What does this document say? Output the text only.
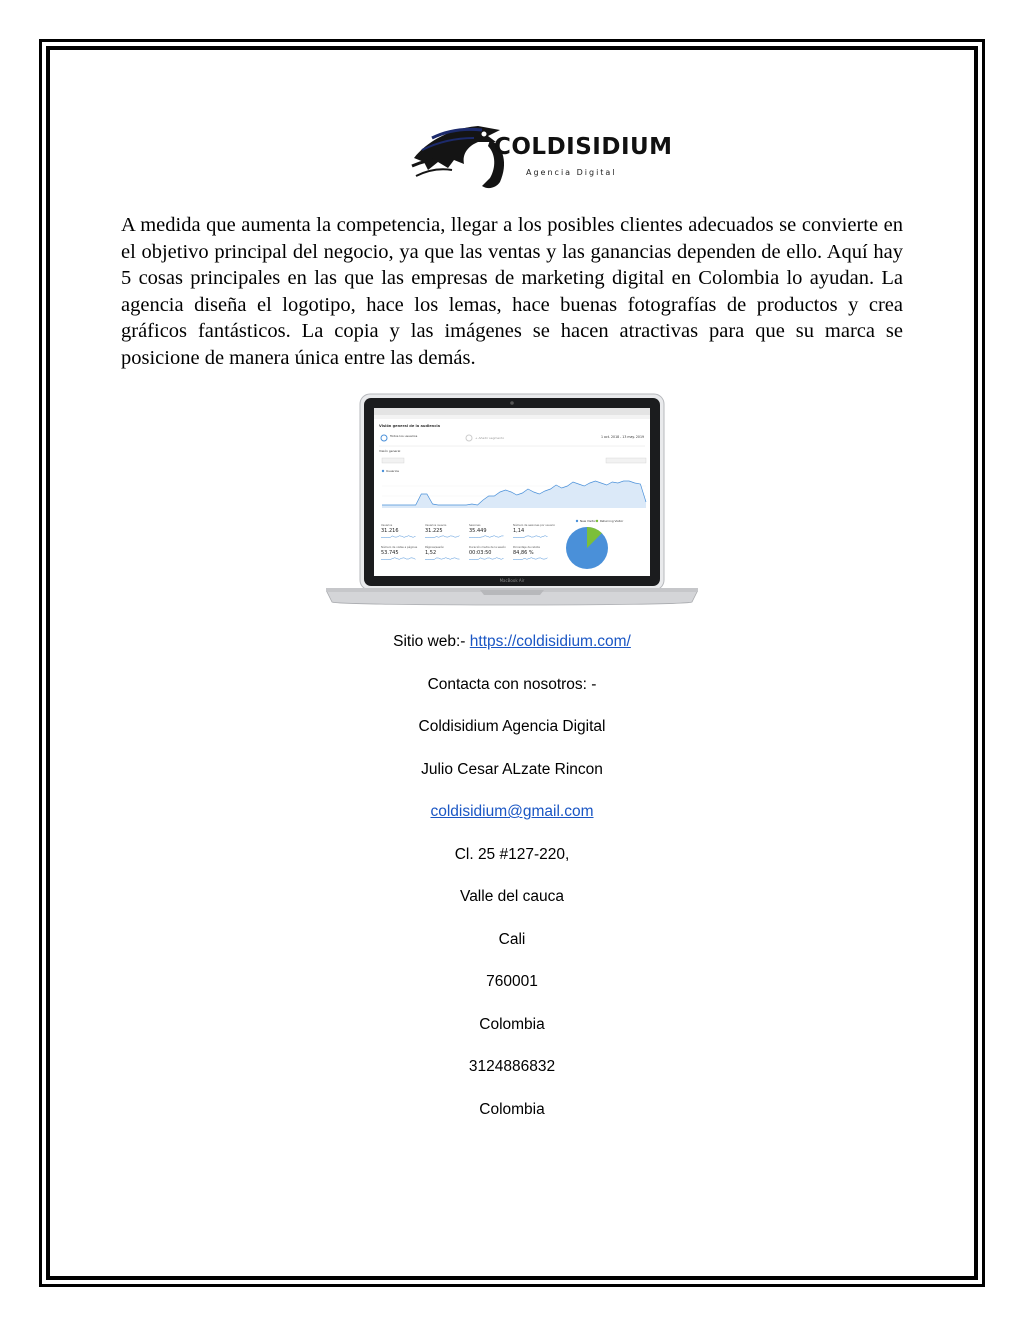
COLDISIDIUM
Agencia Digital

A medida que aumenta la competencia, llegar a los posibles clientes adecuados se convierte en el objetivo principal del negocio, ya que las ventas y las ganancias dependen de ello. Aquí hay 5 cosas principales en las que las empresas de marketing digital en Colombia lo ayudan. La agencia diseña el logotipo, hace los lemas, hace buenas fotografías de productos y crea gráficos fantásticos. La copia y las imágenes se hacen atractivas para que su marca se posicione de manera única entre las demás.

Visión general de la audiencia
1 oct. 2018 - 13 may. 2019
Todos los usuarios	+ Añadir segmento
Visión general
Usuarios
Usuarios
31.216
Usuarios nuevos
31.225
Sesiones
35.449
Número de sesiones por usuario
1,14
Número de vistas a páginas
53.745
Páginas/sesión
1,52
Duración media de la sesión
00:03:50
Porcentaje de rebote
84,86 %
New Visitor	Returning Visitor
MacBook Air

Sitio web:- https://coldisidium.com/

Contacta con nosotros: -

Coldisidium Agencia Digital

Julio Cesar ALzate Rincon

coldisidium@gmail.com

Cl. 25 #127-220,

Valle del cauca

Cali

760001

Colombia

3124886832

Colombia
